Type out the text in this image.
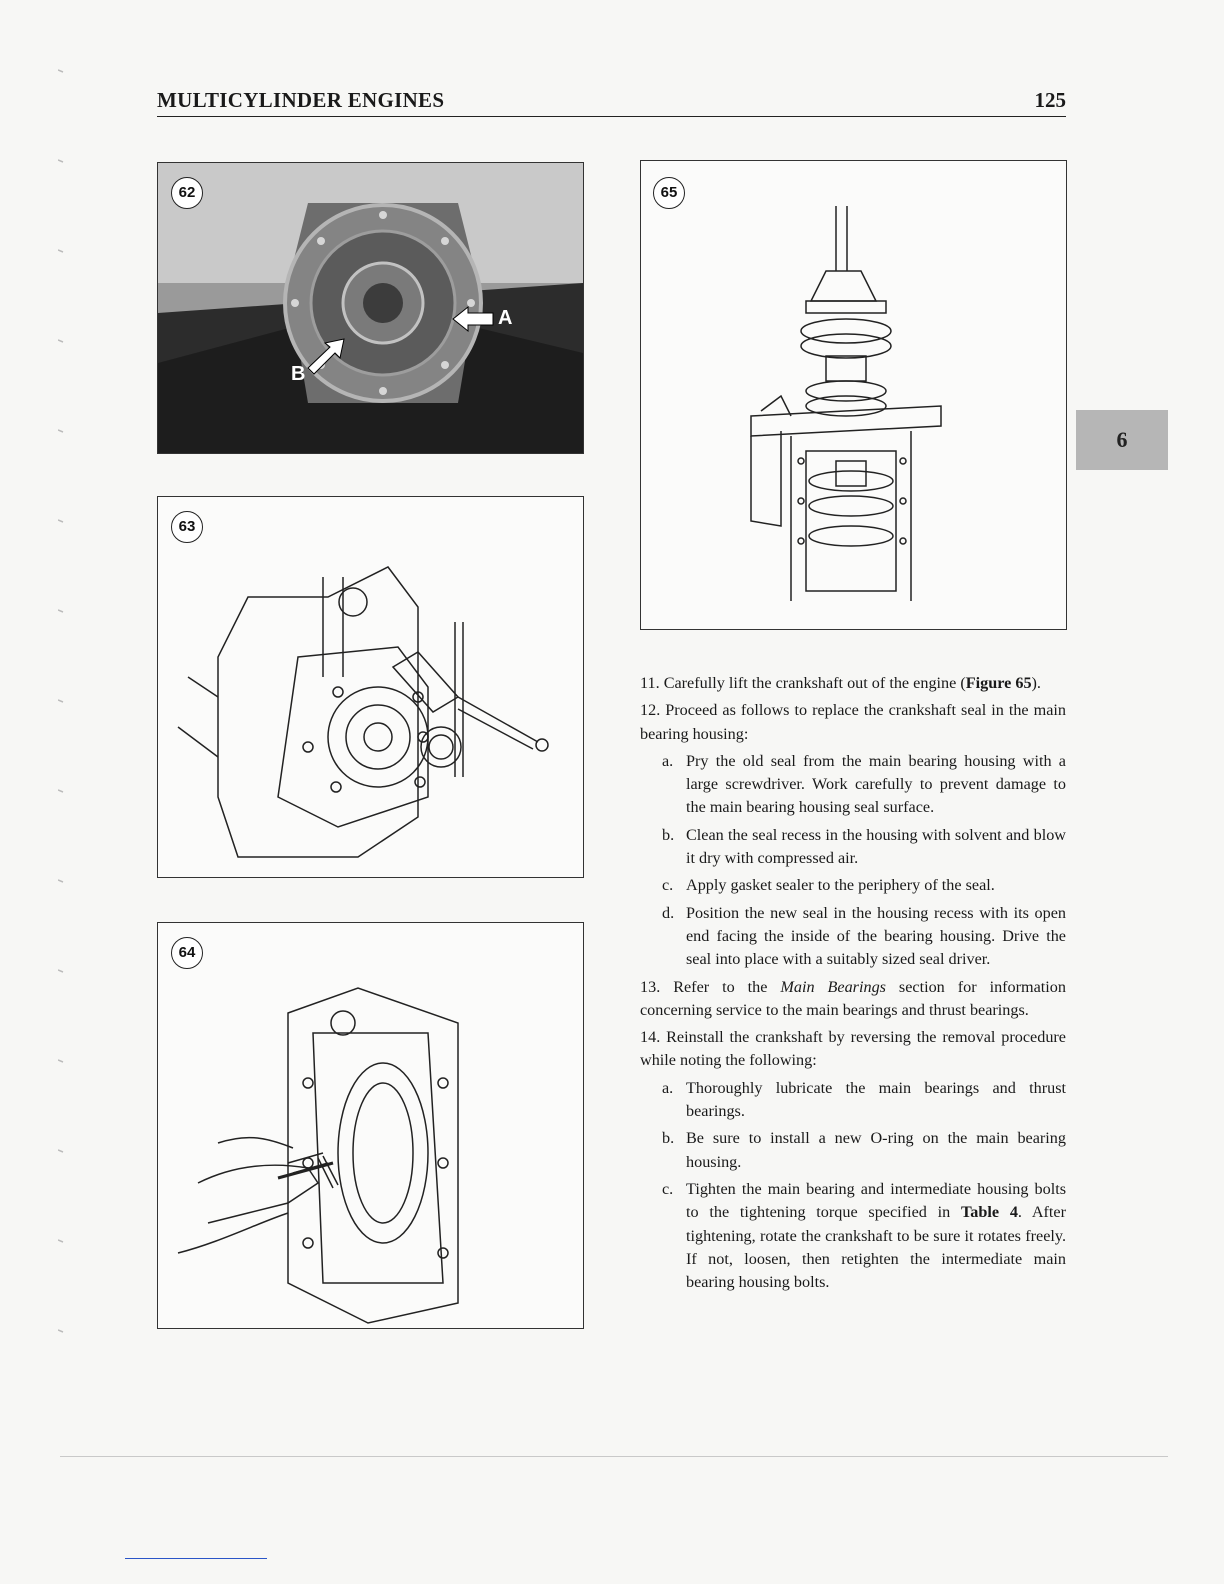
MULTICYLINDER ENGINES	125
6
62
A
B
63
64
65

11. Carefully lift the crankshaft out of the engine (Figure 65).

12. Proceed as follows to replace the crankshaft seal in the main bearing housing:

a. Pry the old seal from the main bearing housing with a large screwdriver. Work carefully to prevent damage to the main bearing housing seal surface.
b. Clean the seal recess in the housing with solvent and blow it dry with compressed air.
c. Apply gasket sealer to the periphery of the seal.
d. Position the new seal in the housing recess with its open end facing the inside of the bearing housing. Drive the seal into place with a suitably sized seal driver.

13. Refer to the Main Bearings section for information concerning service to the main bearings and thrust bearings.

14. Reinstall the crankshaft by reversing the removal procedure while noting the following:

a. Thoroughly lubricate the main bearings and thrust bearings.
b. Be sure to install a new O-ring on the main bearing housing.
c. Tighten the main bearing and intermediate housing bolts to the tightening torque specified in Table 4. After tightening, rotate the crankshaft to be sure it rotates freely. If not, loosen, then retighten the intermediate main bearing housing bolts.
